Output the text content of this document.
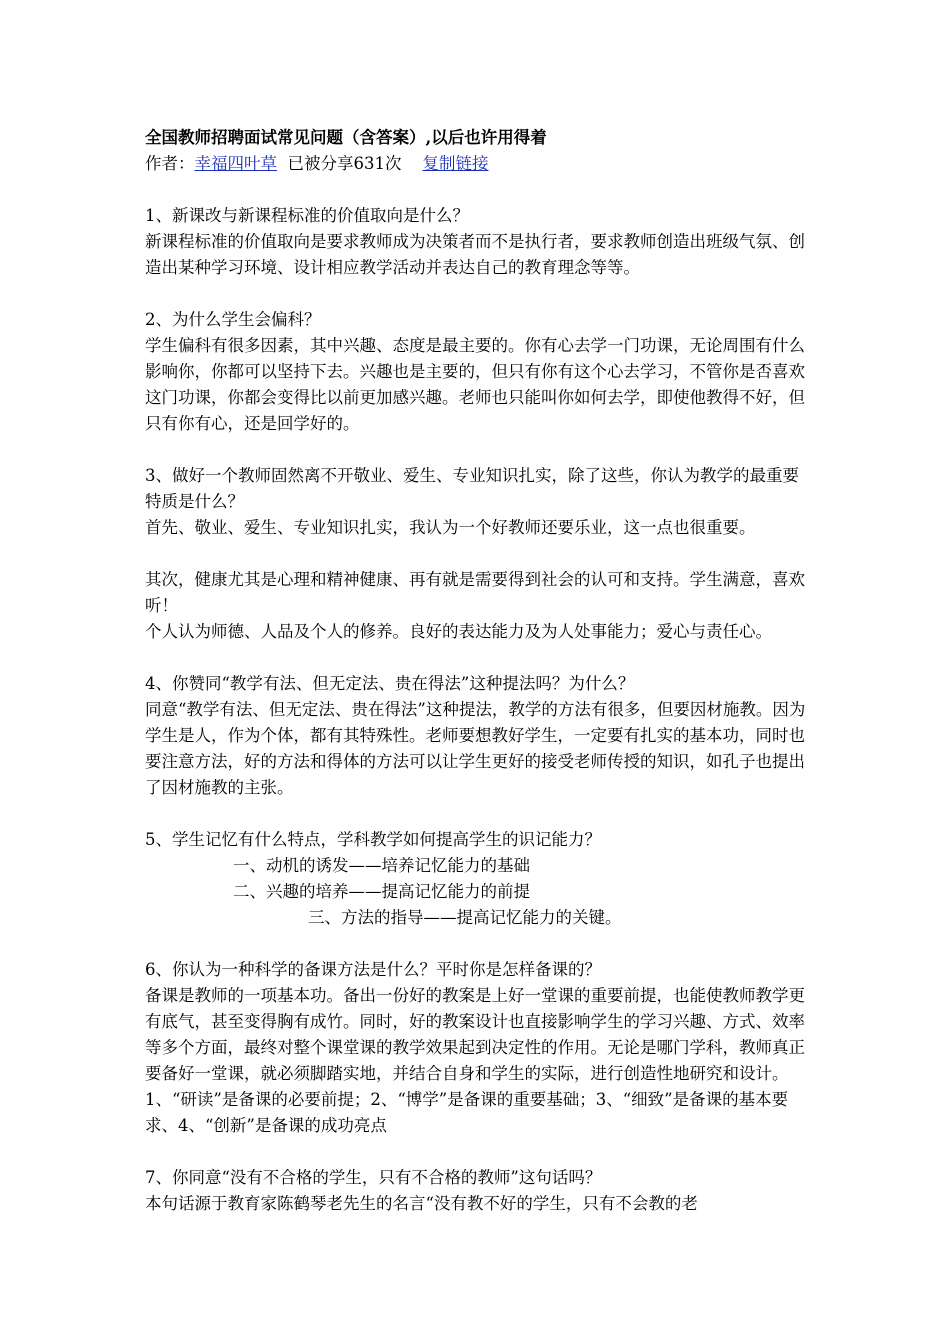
全国教师招聘面试常见问题（含答案）,以后也许用得着

作者：幸福四叶草 已被分享631次 复制链接

1、新课改与新课程标准的价值取向是什么？

新课程标准的价值取向是要求教师成为决策者而不是执行者，要求教师创造出班级气氛、创造出某种学习环境、设计相应教学活动并表达自己的教育理念等等。

2、为什么学生会偏科？

学生偏科有很多因素，其中兴趣、态度是最主要的。你有心去学一门功课，无论周围有什么影响你，你都可以坚持下去。兴趣也是主要的，但只有你有这个心去学习，不管你是否喜欢这门功课，你都会变得比以前更加感兴趣。老师也只能叫你如何去学，即使他教得不好，但只有你有心，还是回学好的。

3、做好一个教师固然离不开敬业、爱生、专业知识扎实，除了这些，你认为教学的最重要特质是什么？

首先、敬业、爱生、专业知识扎实，我认为一个好教师还要乐业，这一点也很重要。

其次，健康尤其是心理和精神健康、再有就是需要得到社会的认可和支持。学生满意，喜欢听！

个人认为师德、人品及个人的修养。良好的表达能力及为人处事能力；爱心与责任心。

4、你赞同“教学有法、但无定法、贵在得法”这种提法吗？为什么？

同意“教学有法、但无定法、贵在得法”这种提法，教学的方法有很多，但要因材施教。因为学生是人，作为个体，都有其特殊性。老师要想教好学生，一定要有扎实的基本功，同时也要注意方法，好的方法和得体的方法可以让学生更好的接受老师传授的知识，如孔子也提出了因材施教的主张。

5、学生记忆有什么特点，学科教学如何提高学生的识记能力？

一、动机的诱发——培养记忆能力的基础

二、兴趣的培养——提高记忆能力的前提

三、方法的指导——提高记忆能力的关键。

6、你认为一种科学的备课方法是什么？平时你是怎样备课的？

备课是教师的一项基本功。备出一份好的教案是上好一堂课的重要前提，也能使教师教学更有底气，甚至变得胸有成竹。同时，好的教案设计也直接影响学生的学习兴趣、方式、效率等多个方面，最终对整个课堂课的教学效果起到决定性的作用。无论是哪门学科，教师真正要备好一堂课，就必须脚踏实地，并结合自身和学生的实际，进行创造性地研究和设计。

1、“研读”是备课的必要前提；2、“博学”是备课的重要基础；3、“细致”是备课的基本要求、4、“创新”是备课的成功亮点

7、你同意“没有不合格的学生，只有不合格的教师”这句话吗？

本句话源于教育家陈鹤琴老先生的名言“没有教不好的学生，只有不会教的老
